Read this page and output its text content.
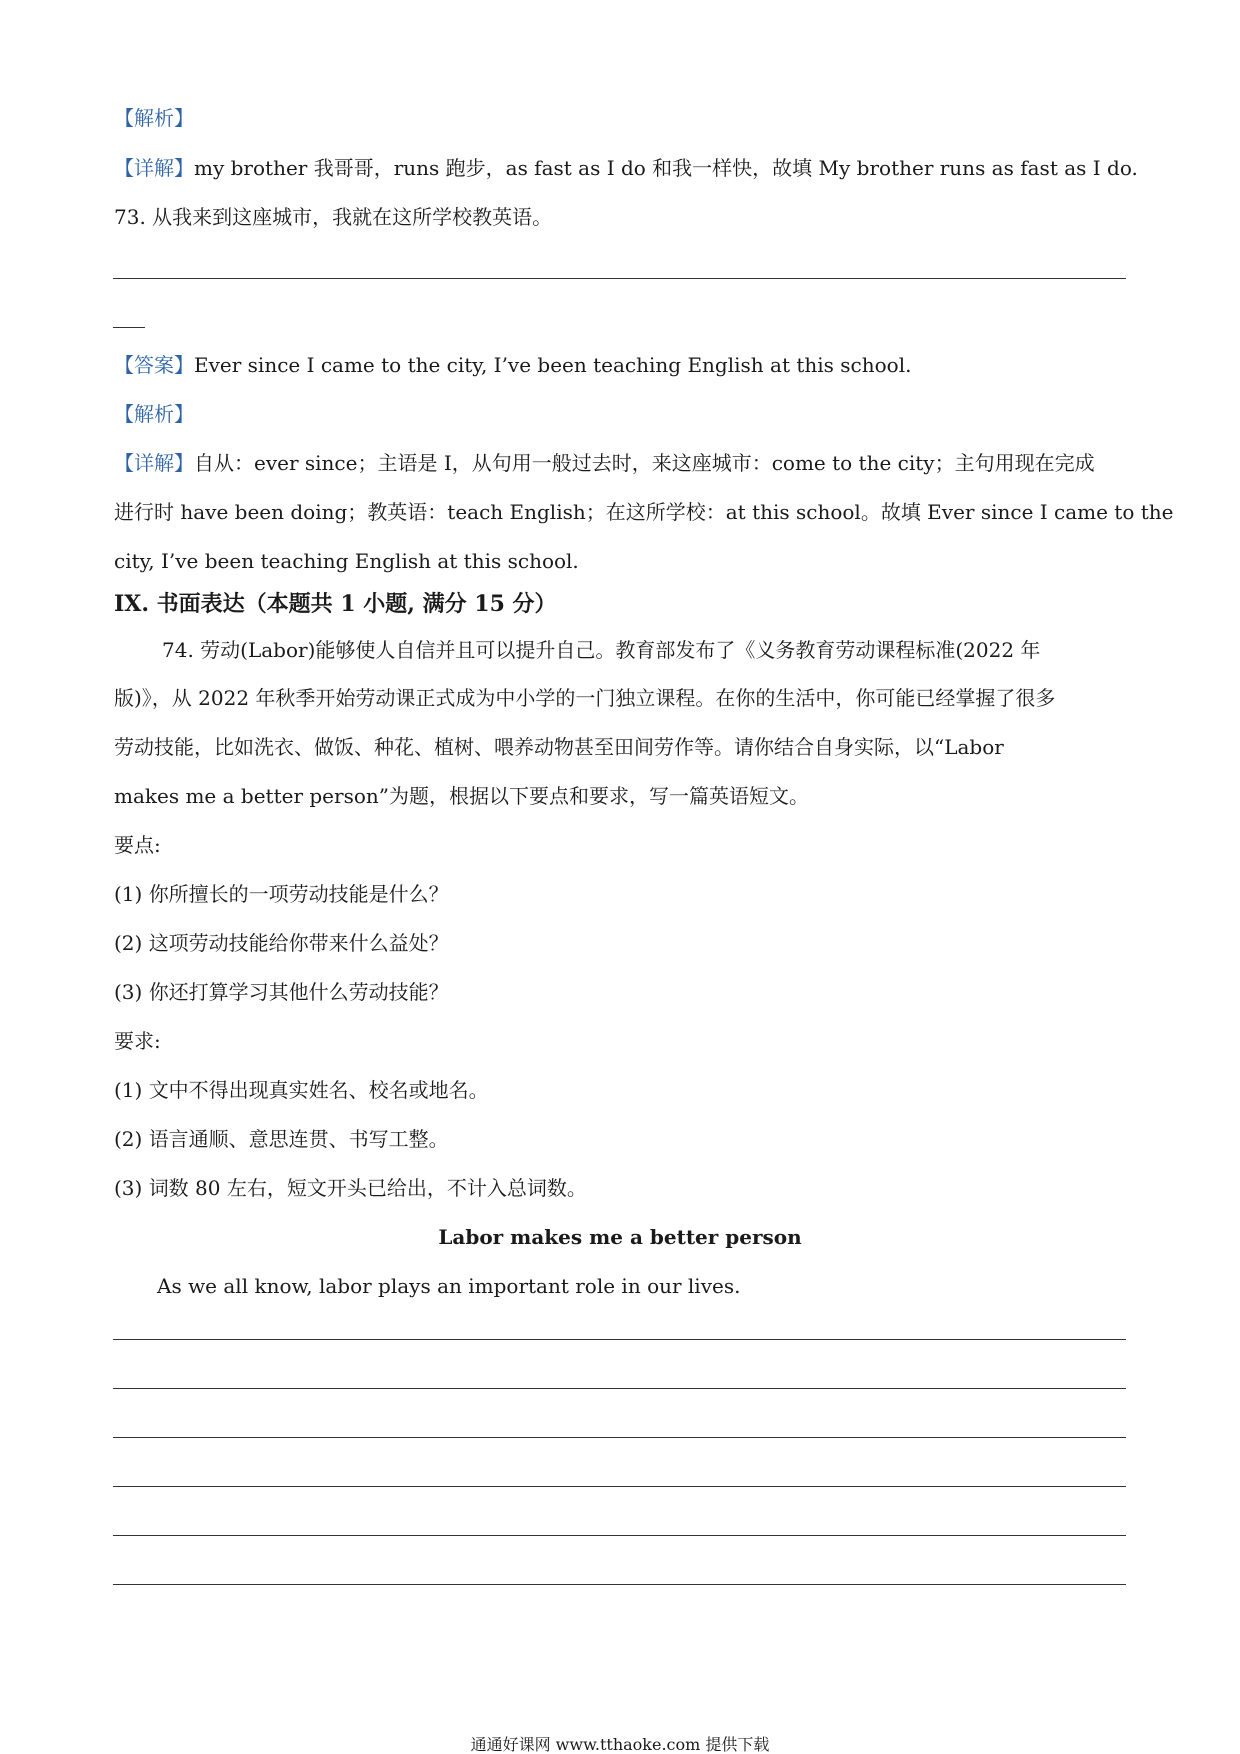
【解析】
【详解】my brother 我哥哥，runs 跑步，as fast as I do 和我一样快，故填 My brother runs as fast as I do.
73. 从我来到这座城市，我就在这所学校教英语。
【答案】Ever since I came to the city, I’ve been teaching English at this school.
【解析】
【详解】自从：ever since；主语是 I，从句用一般过去时，来这座城市：come to the city；主句用现在完成
进行时 have been doing；教英语：teach English；在这所学校：at this school。故填 Ever since I came to the
city, I’ve been teaching English at this school.
IX. 书面表达（本题共 1 小题, 满分 15 分）
74. 劳动(Labor)能够使人自信并且可以提升自己。教育部发布了《义务教育劳动课程标准(2022 年
版)》，从 2022 年秋季开始劳动课正式成为中小学的一门独立课程。在你的生活中，你可能已经掌握了很多
劳动技能，比如洗衣、做饭、种花、植树、喂养动物甚至田间劳作等。请你结合自身实际，以“Labor
makes me a better person”为题，根据以下要点和要求，写一篇英语短文。
要点:
(1) 你所擅长的一项劳动技能是什么？
(2) 这项劳动技能给你带来什么益处？
(3) 你还打算学习其他什么劳动技能？
要求:
(1) 文中不得出现真实姓名、校名或地名。
(2) 语言通顺、意思连贯、书写工整。
(3) 词数 80 左右，短文开头已给出，不计入总词数。
Labor makes me a better person
As we all know, labor plays an important role in our lives.
通通好课网 www.tthaoke.com 提供下载
